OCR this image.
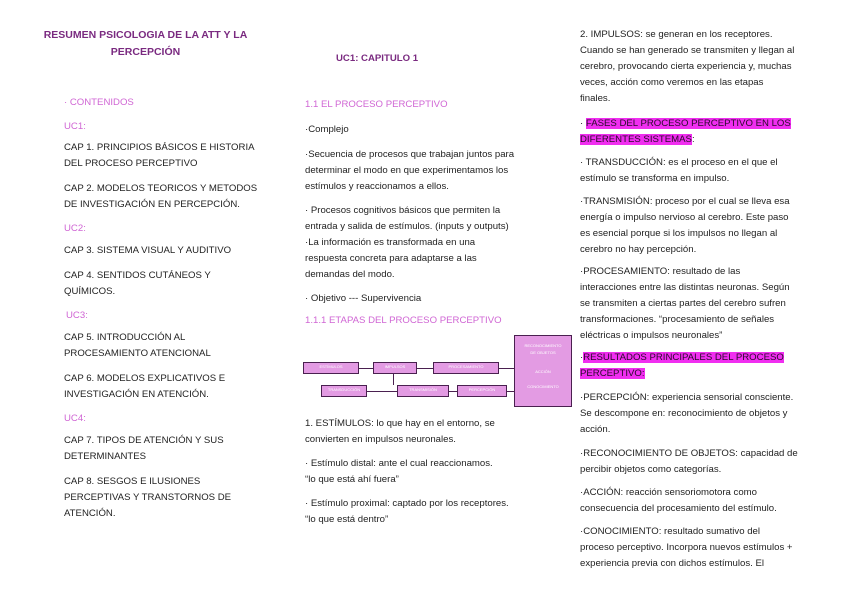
RESUMEN PSICOLOGIA DE LA ATT Y LA

PERCEPCIÓN

· CONTENIDOS

UC1:

CAP 1. PRINCIPIOS BÁSICOS E HISTORIA

DEL PROCESO PERCEPTIVO

CAP 2. MODELOS TEORICOS Y METODOS

DE INVESTIGACIÓN EN PERCEPCIÓN.

UC2:

CAP 3. SISTEMA VISUAL Y AUDITIVO

CAP 4. SENTIDOS CUTÁNEOS Y

QUÍMICOS.

UC3:

CAP 5. INTRODUCCIÓN AL

PROCESAMIENTO ATENCIONAL

CAP 6. MODELOS EXPLICATIVOS E

INVESTIGACIÓN EN ATENCIÓN.

UC4:

CAP 7. TIPOS DE ATENCIÓN Y SUS

DETERMINANTES

CAP 8. SESGOS E ILUSIONES

PERCEPTIVAS Y TRANSTORNOS DE

ATENCIÓN.

UC1: CAPITULO 1

1.1 EL PROCESO PERCEPTIVO

·Complejo

·Secuencia de procesos que trabajan juntos para

determinar el modo en que experimentamos los

estímulos y reaccionamos a ellos.

· Procesos cognitivos básicos que permiten la

entrada y salida de estímulos. (inputs y outputs)

·La información es transformada en una

respuesta concreta para adaptarse a las

demandas del modo.

· Objetivo --- Supervivencia

1.1.1 ETAPAS DEL PROCESO PERCEPTIVO

ESTÍMULOS	IMPULSOS	PROCESAMIENTO
TRANSDUCCIÓN	TRANSMISIÓN	PERCEPCIÓN
RECONOCIMIENTO
DE OBJETOS
ACCIÓN
CONOCIMIENTO

1. ESTÍMULOS: lo que hay en el entorno, se

convierten en impulsos neuronales.

· Estímulo distal: ante el cual reaccionamos.

“lo que está ahí fuera”

· Estímulo proximal: captado por los receptores.

“lo que está dentro”

2. IMPULSOS: se generan en los receptores.

Cuando se han generado se transmiten y llegan al

cerebro, provocando cierta experiencia y, muchas

veces, acción como veremos en las etapas

finales.

· FASES DEL PROCESO PERCEPTIVO EN LOS

DIFERENTES SISTEMAS:

· TRANSDUCCIÓN: es el proceso en el que el

estímulo se transforma en impulso.

·TRANSMISIÓN: proceso por el cual se lleva esa

energía o impulso nervioso al cerebro. Este paso

es esencial porque si los impulsos no llegan al

cerebro no hay percepción.

·PROCESAMIENTO: resultado de las

interacciones entre las distintas neuronas. Según

se transmiten a ciertas partes del cerebro sufren

transformaciones. “procesamiento de señales

eléctricas o impulsos neuronales”

·RESULTADOS PRINCIPALES DEL PROCESO

PERCEPTIVO:

·PERCEPCIÓN: experiencia sensorial consciente.

Se descompone en: reconocimiento de objetos y

acción.

·RECONOCIMIENTO DE OBJETOS: capacidad de

percibir objetos como categorías.

·ACCIÓN: reacción sensoriomotora como

consecuencia del procesamiento del estímulo.

·CONOCIMIENTO: resultado sumativo del

proceso perceptivo. Incorpora nuevos estímulos +

experiencia previa con dichos estímulos. El
